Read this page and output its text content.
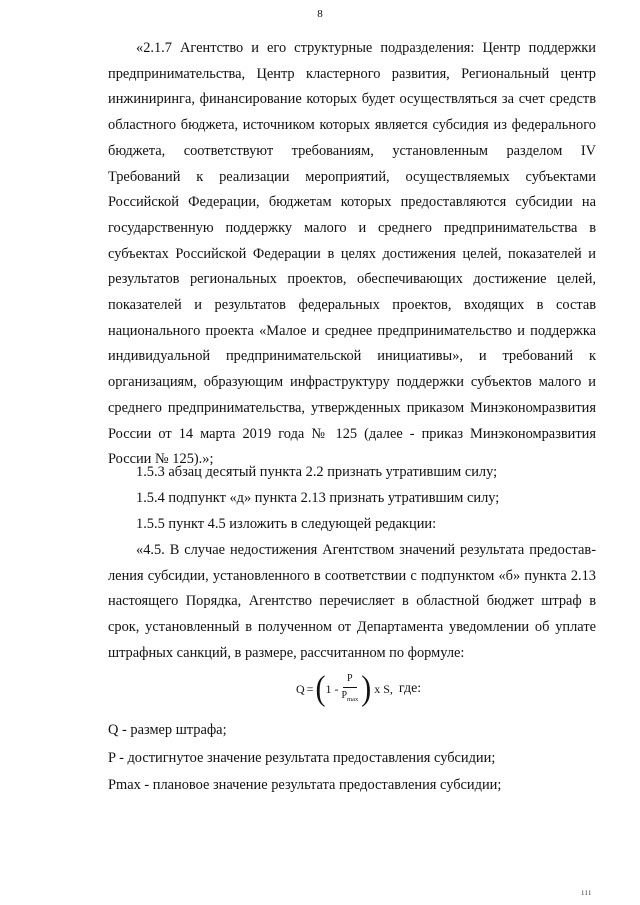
8
«2.1.7 Агентство и его структурные подразделения: Центр поддержки предпринимательства, Центр кластерного развития, Региональный центр инжиниринга, финансирование которых будет осуществляться за счет средств областного бюджета, источником которых является субсидия из федерального бюджета, соответствуют требованиям, установленным разделом IV Требований к реализации мероприятий, осуществляемых субъектами Российской Федерации, бюджетам которых предоставляются субсидии на государственную поддержку малого и среднего предпринимательства в субъектах Российской Федерации в целях достижения целей, показателей и результатов региональных проектов, обеспечивающих достижение целей, показателей и результатов федеральных проектов, входящих в состав национального проекта «Малое и среднее предпринимательство и поддержка индивидуальной предпринимательской инициативы», и требований к организациям, образующим инфраструктуру поддержки субъектов малого и среднего предпринимательства, утвержденных приказом Минэкономразвития России от 14 марта 2019 года № 125 (далее - приказ Минэкономразвития России № 125).»;
1.5.3 абзац десятый пункта 2.2 признать утратившим силу;
1.5.4 подпункт «д» пункта 2.13 признать утратившим силу;
1.5.5 пункт 4.5 изложить в следующей редакции:
«4.5. В случае недостижения Агентством значений результата предоставления субсидии, установленного в соответствии с подпунктом «б» пункта 2.13 настоящего Порядка, Агентство перечисляет в областной бюджет штраф в срок, установленный в полученном от Департамента уведомлении об уплате штрафных санкций, в размере, рассчитанном по формуле:
Q = ( $1 - \frac{P}{P_{max}}$ ) x S, где:
Q - размер штрафа;
P - достигнутое значение результата предоставления субсидии;
Pmax - плановое значение результата предоставления субсидии;
ııı
